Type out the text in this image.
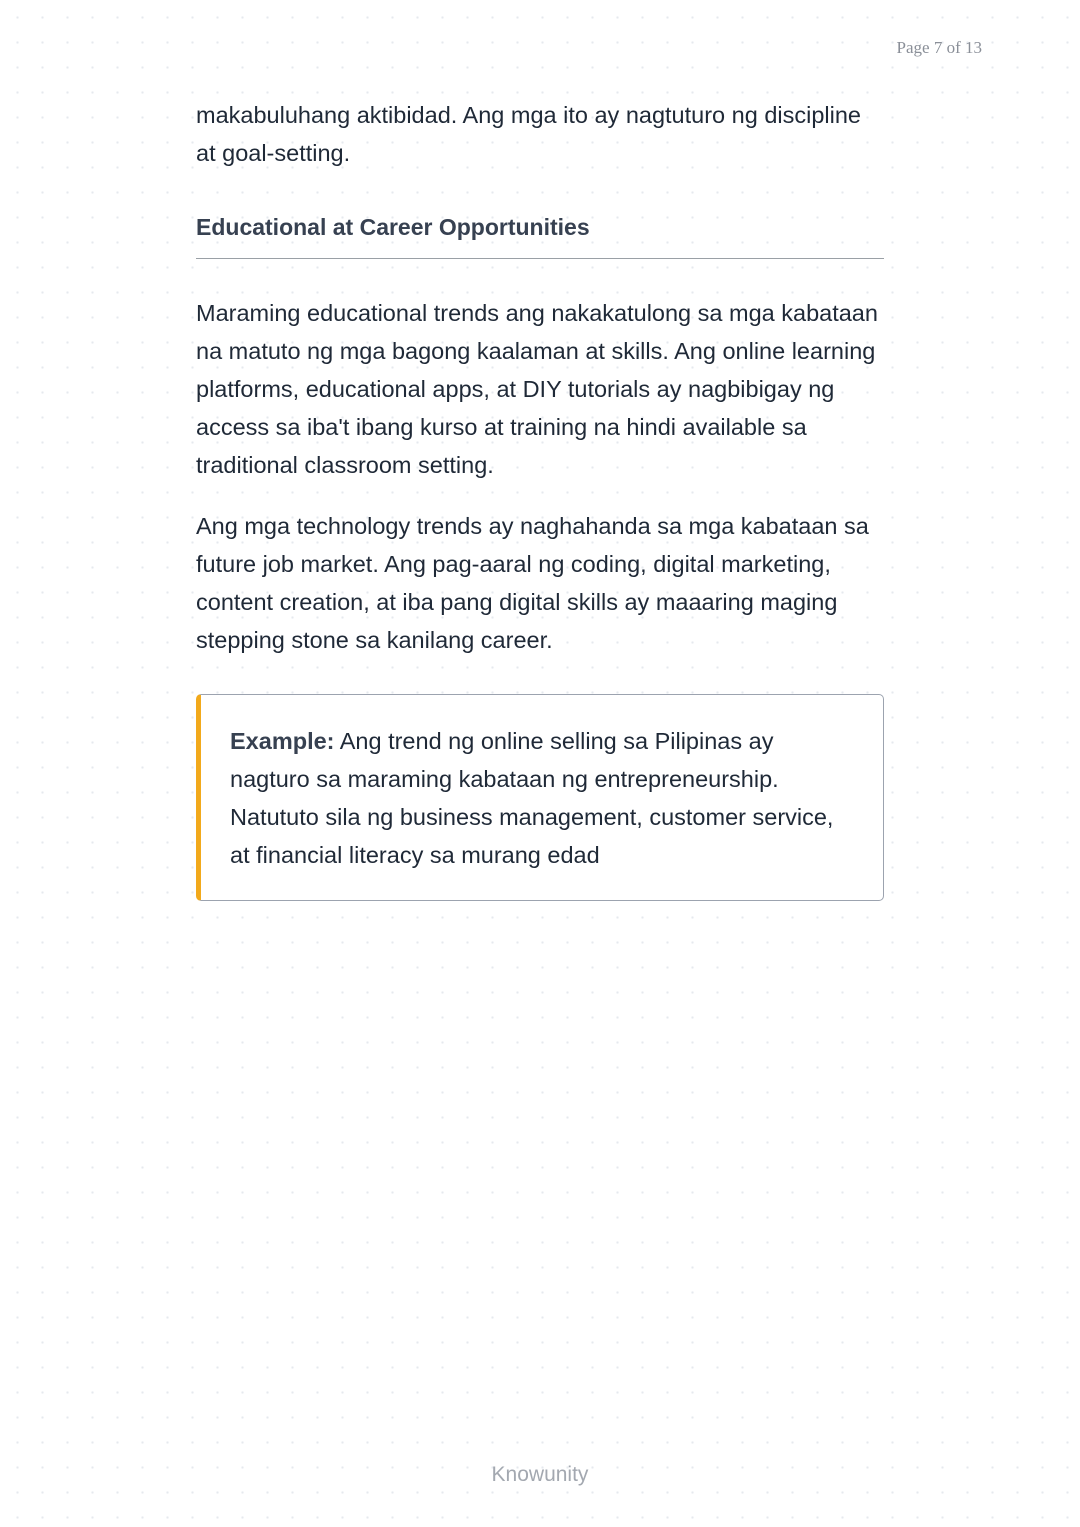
Page 7 of 13

makabuluhang aktibidad. Ang mga ito ay nagtuturo ng discipline at goal-setting.

Educational at Career Opportunities

Maraming educational trends ang nakakatulong sa mga kabataan na matuto ng mga bagong kaalaman at skills. Ang online learning platforms, educational apps, at DIY tutorials ay nagbibigay ng access sa iba't ibang kurso at training na hindi available sa traditional classroom setting.

Ang mga technology trends ay naghahanda sa mga kabataan sa future job market. Ang pag-aaral ng coding, digital marketing, content creation, at iba pang digital skills ay maaaring maging stepping stone sa kanilang career.

Example: Ang trend ng online selling sa Pilipinas ay nagturo sa maraming kabataan ng entrepreneurship. Natututo sila ng business management, customer service, at financial literacy sa murang edad

Knowunity
